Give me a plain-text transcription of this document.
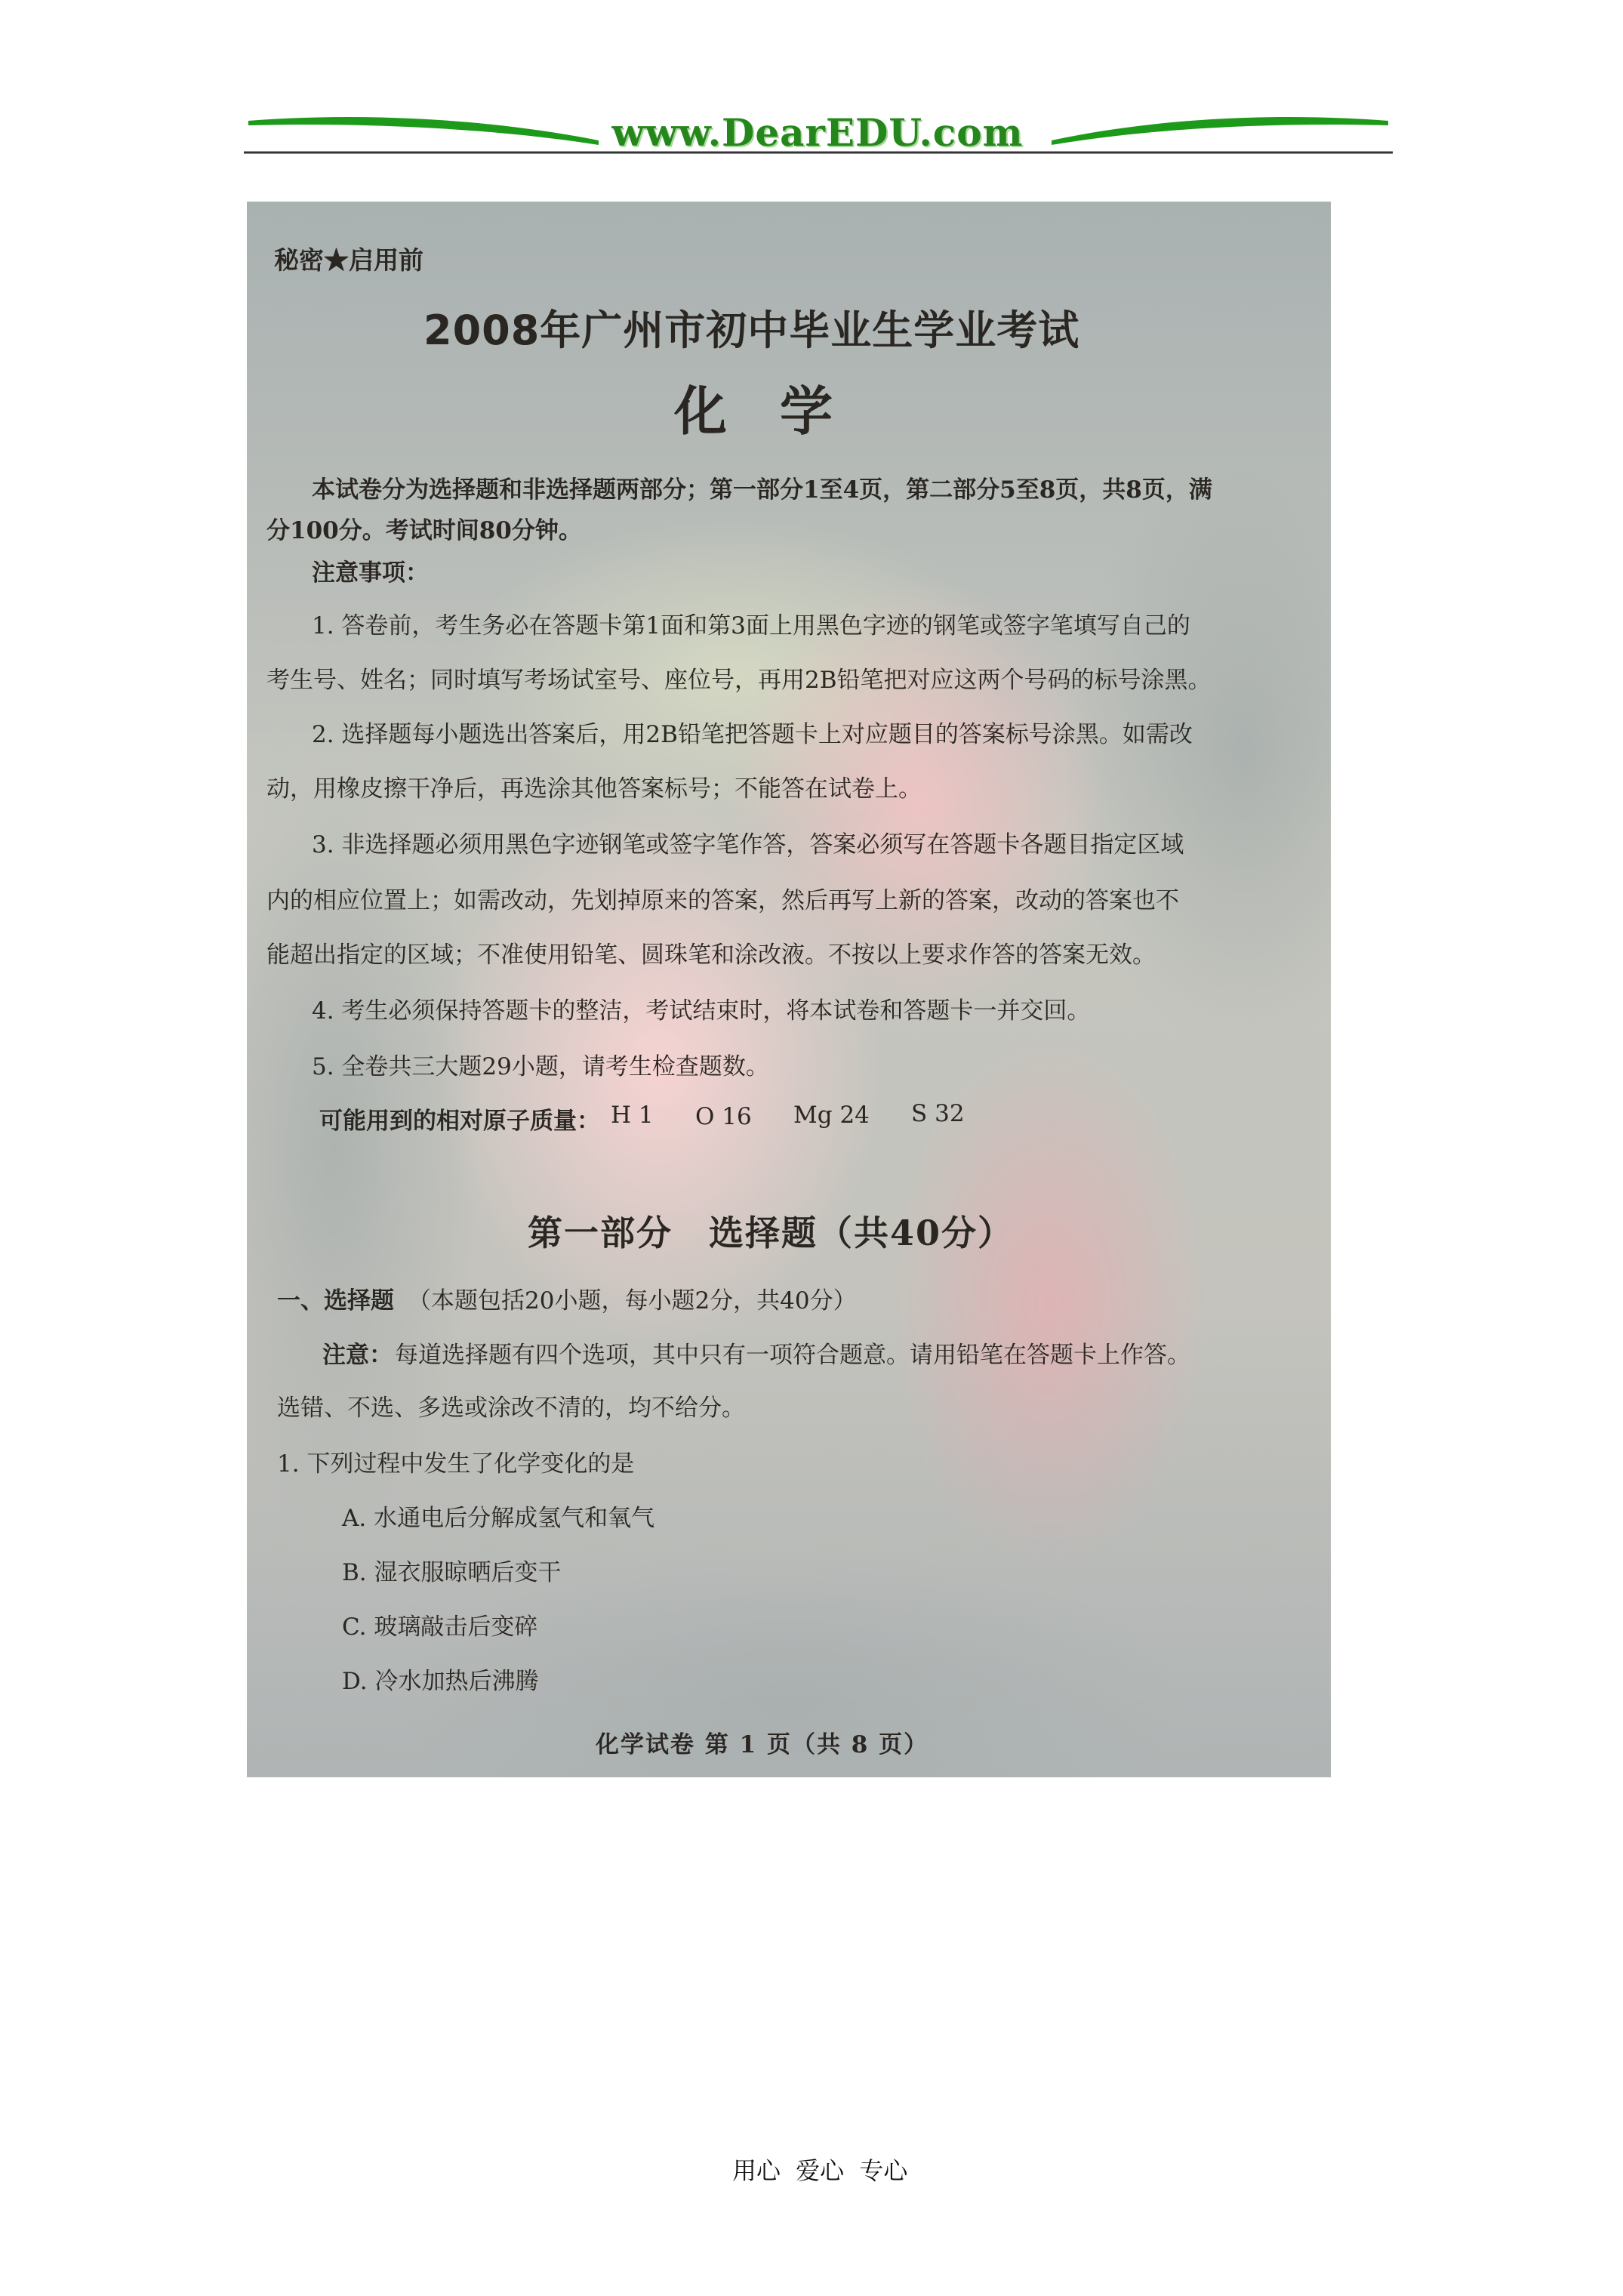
www.DearEDU.com
秘密★启用前
2008年广州市初中毕业生学业考试
化学
本试卷分为选择题和非选择题两部分；第一部分1至4页，第二部分5至8页，共8页，满
分100分。考试时间80分钟。
注意事项：
1. 答卷前，考生务必在答题卡第1面和第3面上用黑色字迹的钢笔或签字笔填写自己的
考生号、姓名；同时填写考场试室号、座位号，再用2B铅笔把对应这两个号码的标号涂黑。
2. 选择题每小题选出答案后，用2B铅笔把答题卡上对应题目的答案标号涂黑。如需改
动，用橡皮擦干净后，再选涂其他答案标号；不能答在试卷上。
3. 非选择题必须用黑色字迹钢笔或签字笔作答，答案必须写在答题卡各题目指定区域
内的相应位置上；如需改动，先划掉原来的答案，然后再写上新的答案，改动的答案也不
能超出指定的区域；不准使用铅笔、圆珠笔和涂改液。不按以上要求作答的答案无效。
4. 考生必须保持答题卡的整洁，考试结束时，将本试卷和答题卡一并交回。
5. 全卷共三大题29小题，请考生检查题数。
可能用到的相对原子质量： H 1 O 16 Mg 24 S 32
第一部分　选择题（共40分）
一、选择题 （本题包括20小题，每小题2分，共40分）
注意： 每道选择题有四个选项，其中只有一项符合题意。请用铅笔在答题卡上作答。
选错、不选、多选或涂改不清的，均不给分。
1. 下列过程中发生了化学变化的是
A. 水通电后分解成氢气和氧气
B. 湿衣服晾晒后变干
C. 玻璃敲击后变碎
D. 冷水加热后沸腾
化学试卷 第 1 页（共 8 页）
用心 爱心 专心
